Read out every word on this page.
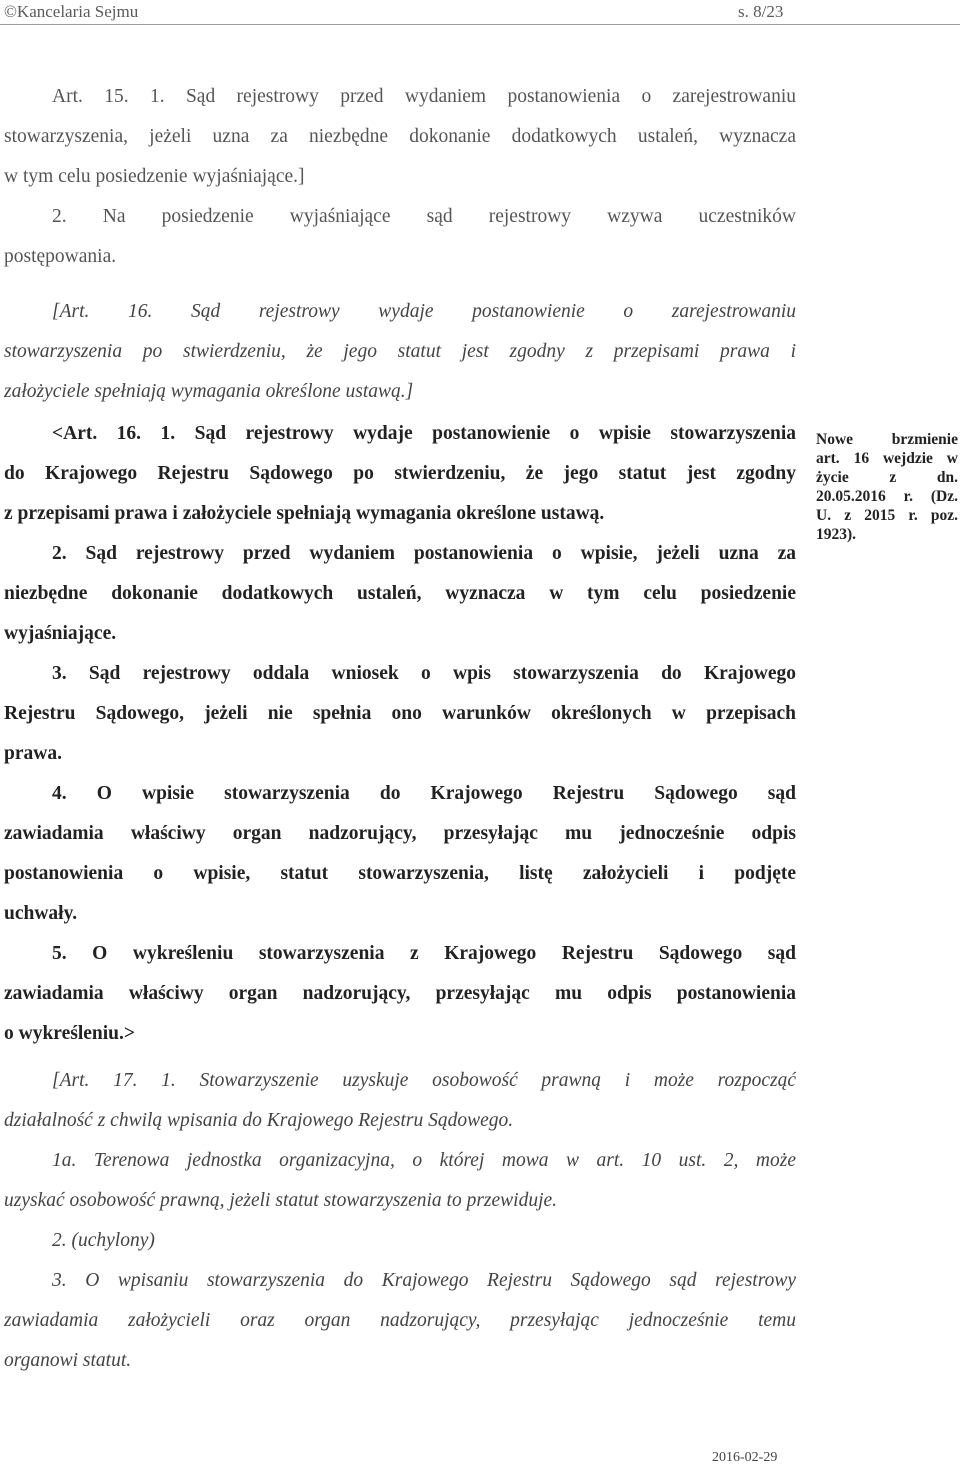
©Kancelaria Sejmu	s. 8/23
Art. 15. 1. Sąd rejestrowy przed wydaniem postanowienia o zarejestrowaniu
stowarzyszenia, jeżeli uzna za niezbędne dokonanie dodatkowych ustaleń, wyznacza
w tym celu posiedzenie wyjaśniające.]
2. Na posiedzenie wyjaśniające sąd rejestrowy wzywa uczestników
postępowania.
[Art. 16. Sąd rejestrowy wydaje postanowienie o zarejestrowaniu
stowarzyszenia po stwierdzeniu, że jego statut jest zgodny z przepisami prawa i
założyciele spełniają wymagania określone ustawą.]
<Art. 16. 1. Sąd rejestrowy wydaje postanowienie o wpisie stowarzyszenia
do Krajowego Rejestru Sądowego po stwierdzeniu, że jego statut jest zgodny
z przepisami prawa i założyciele spełniają wymagania określone ustawą.
2. Sąd rejestrowy przed wydaniem postanowienia o wpisie, jeżeli uzna za
niezbędne dokonanie dodatkowych ustaleń, wyznacza w tym celu posiedzenie
wyjaśniające.
3. Sąd rejestrowy oddala wniosek o wpis stowarzyszenia do Krajowego
Rejestru Sądowego, jeżeli nie spełnia ono warunków określonych w przepisach
prawa.
4. O wpisie stowarzyszenia do Krajowego Rejestru Sądowego sąd
zawiadamia właściwy organ nadzorujący, przesyłając mu jednocześnie odpis
postanowienia o wpisie, statut stowarzyszenia, listę założycieli i podjęte
uchwały.
5. O wykreśleniu stowarzyszenia z Krajowego Rejestru Sądowego sąd
zawiadamia właściwy organ nadzorujący, przesyłając mu odpis postanowienia
o wykreśleniu.>
[Art. 17. 1. Stowarzyszenie uzyskuje osobowość prawną i może rozpocząć
działalność z chwilą wpisania do Krajowego Rejestru Sądowego.
1a. Terenowa jednostka organizacyjna, o której mowa w art. 10 ust. 2, może
uzyskać osobowość prawną, jeżeli statut stowarzyszenia to przewiduje.
2. (uchylony)
3. O wpisaniu stowarzyszenia do Krajowego Rejestru Sądowego sąd rejestrowy
zawiadamia założycieli oraz organ nadzorujący, przesyłając jednocześnie temu
organowi statut.
Nowe brzmienie
art. 16 wejdzie w
życie z dn.
20.05.2016 r. (Dz.
U. z 2015 r. poz.
1923).
2016-02-29
